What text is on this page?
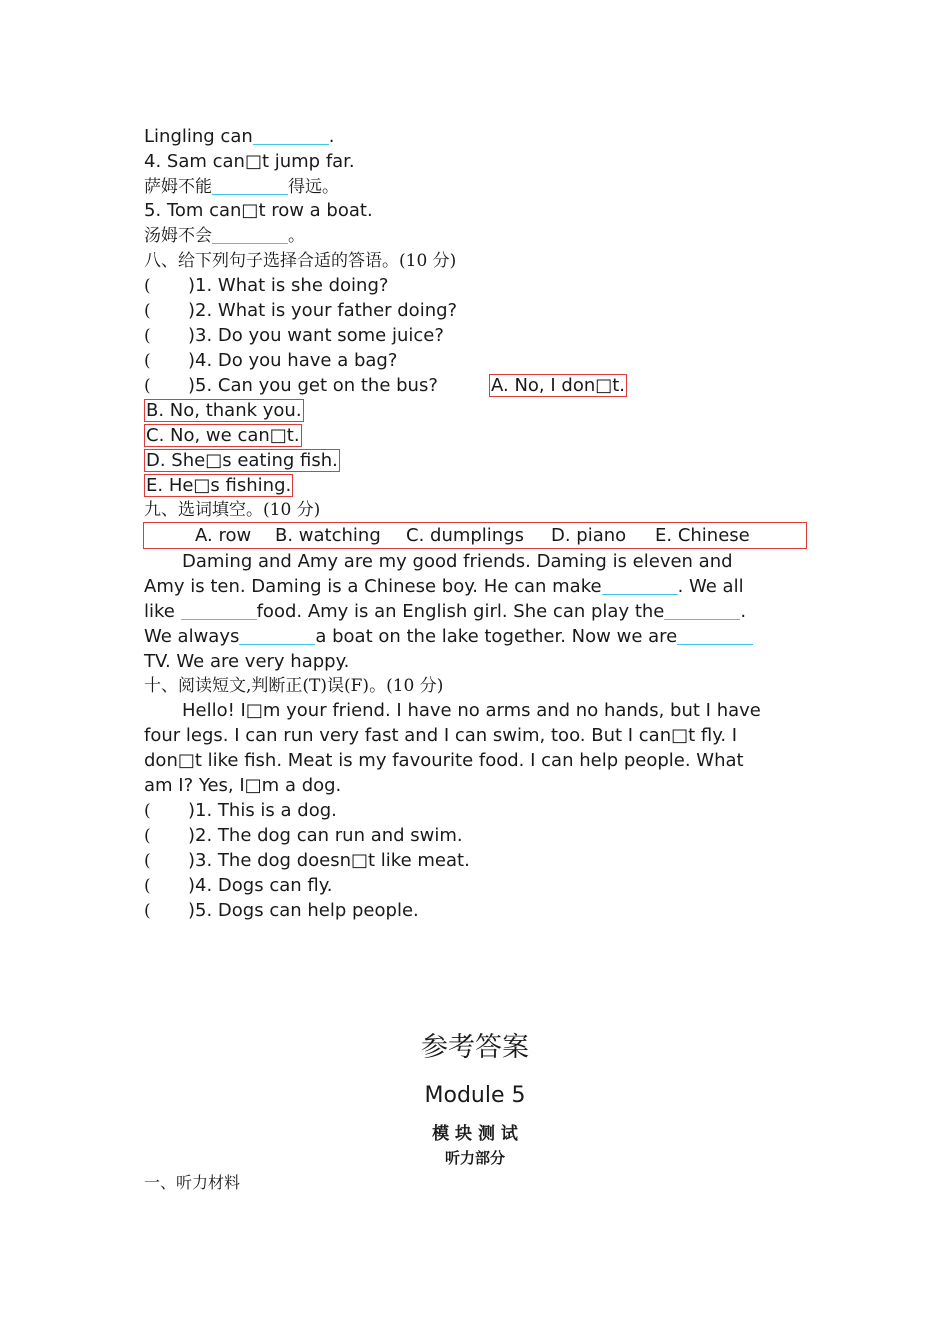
Lingling can	.
4. Sam can□t jump far.
萨姆不能	得远。
5. Tom can□t row a boat.
汤姆不会	。
八、给下列句子选择合适的答语。(10 分)
( )1. What is she doing?
( )2. What is your father doing?
( )3. Do you want some juice?
( )4. Do you have a bag?
( )5. Can you get on the bus?	A. No, I don□t.
B. No, thank you.
C. No, we can□t.
D. She□s eating fish.
E. He□s fishing.
九、选词填空。(10 分)
A. row B. watching C. dumplings D. piano E. Chinese
Daming and Amy are my good friends. Daming is eleven and
Amy is ten. Daming is a Chinese boy. He can make	. We all
like	food. Amy is an English girl. She can play the	.
We always	a boat on the lake together. Now we are
TV. We are very happy.
十、阅读短文,判断正(T)误(F)。(10 分)
Hello! I□m your friend. I have no arms and no hands, but I have
four legs. I can run very fast and I can swim, too. But I can□t fly. I
don□t like fish. Meat is my favourite food. I can help people. What
am I? Yes, I□m a dog.
( )1. This is a dog.
( )2. The dog can run and swim.
( )3. The dog doesn□t like meat.
( )4. Dogs can fly.
( )5. Dogs can help people.
参考答案
Module 5
模 块 测 试
听力部分
一、听力材料
